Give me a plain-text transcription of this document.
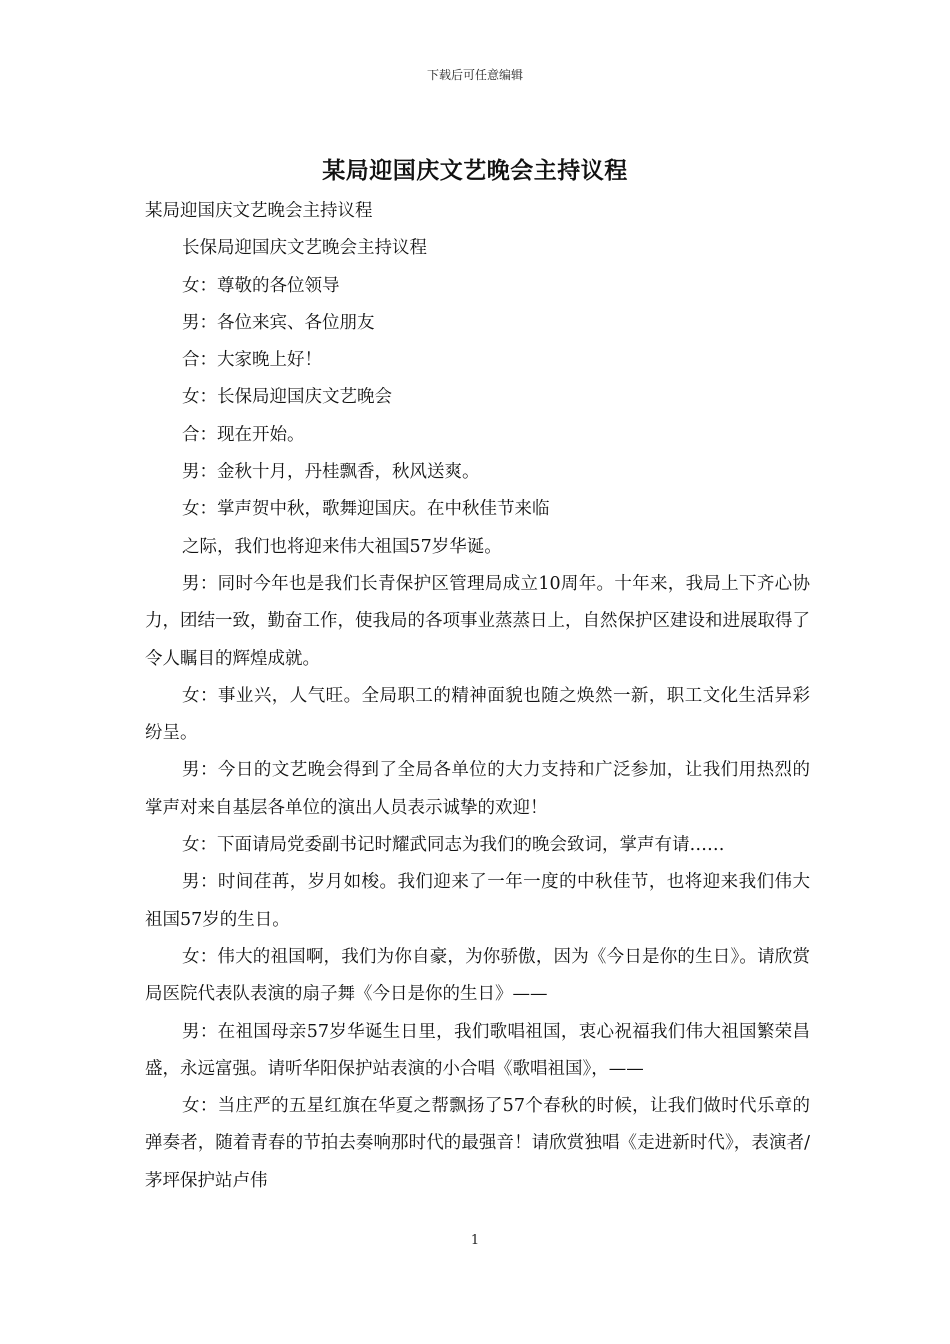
下载后可任意编辑
某局迎国庆文艺晚会主持议程

某局迎国庆文艺晚会主持议程

长保局迎国庆文艺晚会主持议程

女：尊敬的各位领导

男：各位来宾、各位朋友

合：大家晚上好！

女：长保局迎国庆文艺晚会

合：现在开始。

男：金秋十月，丹桂飘香，秋风送爽。

女：掌声贺中秋，歌舞迎国庆。在中秋佳节来临

之际，我们也将迎来伟大祖国57岁华诞。

男：同时今年也是我们长青保护区管理局成立10周年。十年来，我局上下齐心协力，团结一致，勤奋工作，使我局的各项事业蒸蒸日上，自然保护区建设和进展取得了令人瞩目的辉煌成就。

女：事业兴，人气旺。全局职工的精神面貌也随之焕然一新，职工文化生活异彩纷呈。

男：今日的文艺晚会得到了全局各单位的大力支持和广泛参加，让我们用热烈的掌声对来自基层各单位的演出人员表示诚挚的欢迎！

女：下面请局党委副书记时耀武同志为我们的晚会致词，掌声有请……

男：时间荏苒，岁月如梭。我们迎来了一年一度的中秋佳节，也将迎来我们伟大祖国57岁的生日。

女：伟大的祖国啊，我们为你自豪，为你骄傲，因为《今日是你的生日》。请欣赏局医院代表队表演的扇子舞《今日是你的生日》——

男：在祖国母亲57岁华诞生日里，我们歌唱祖国，衷心祝福我们伟大祖国繁荣昌盛，永远富强。请听华阳保护站表演的小合唱《歌唱祖国》，——

女：当庄严的五星红旗在华夏之帮飘扬了57个春秋的时候，让我们做时代乐章的弹奏者，随着青春的节拍去奏响那时代的最强音！请欣赏独唱《走进新时代》，表演者/茅坪保护站卢伟

1
